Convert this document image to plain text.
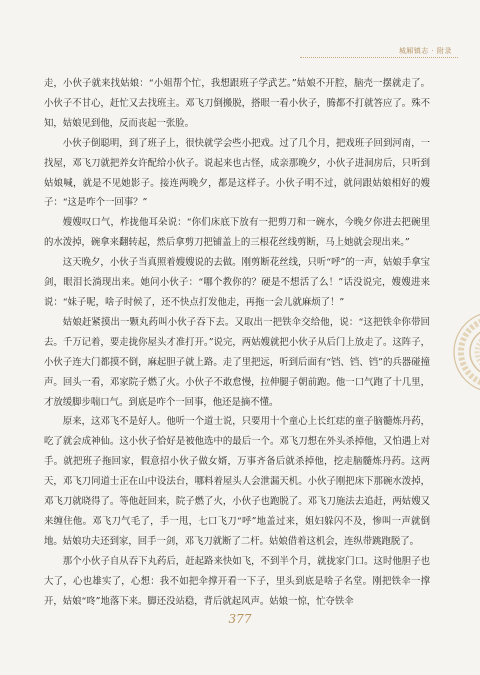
城厢镇志 · 附录

走，小伙子就来找姑娘：“小姐帮个忙，我想跟班子学武艺。”姑娘不开腔，脑壳一摆就走了。小伙子不甘心，赶忙又去找班主。邓飞刀倒搬脱，搭眼一看小伙子，腾都不打就答应了。殊不知，姑娘见到他，反而丧起一张脸。

小伙子倒聪明，到了班子上，很快就学会些小把戏。过了几个月，把戏班子回到河南，一找屋，邓飞刀就把养女许配给小伙子。说起来也古怪，成亲那晚夕，小伙子进洞房后，只听到姑娘喊，就是不见她影子。接连两晚夕，都是这样子。小伙子明不过，就问跟姑娘相好的嫂子：“这是咋个一回事？”

嫂嫂叹口气，柞拢他耳朵说：“你们床底下放有一把剪刀和一碗水，今晚夕你进去把碗里的水泼掉，碗拿来翻转起，然后拿剪刀把铺盖上的三根花丝线剪断，马上她就会现出来。”

这天晚夕，小伙子当真照着嫂嫂说的去做。刚剪断花丝线，只听“呼”的一声，姑娘手拿宝剑，眼泪长淌现出来。她问小伙子：“哪个教你的？硬是不想活了么！”话没说完，嫂嫂进来说：“妹子呢，啥子时候了，还不快点打发他走，再拖一会儿就麻烦了！”

姑娘赶紧摸出一颗丸药叫小伙子吞下去。又取出一把铁伞交给他，说：“这把铁伞你带回去。千万记着，要走拢你屋头才准打开。”说完，两姑嫂就把小伙子从后门上放走了。这阵子，小伙子连大门都摸不倒，麻起胆子就上路。走了里把远，听到后面有“铛、铛、铛”的兵器碰撞声。回头一看，邓家院子燃了火。小伙子不敢怠慢，拉伸腿子朝前跑。他一口气跑了十几里，才放缓脚步喘口气。到底是咋个一回事，他还是摘不懂。

原来，这邓飞不是好人。他听一个道士说，只要用十个童心上长红痣的童子脑髓炼丹药，吃了就会成神仙。这小伙子恰好是被他选中的最后一个。邓飞刀想在外头杀掉他，又怕遇上对手。就把班子拖回家，假意招小伙子做女婿，万事齐备后就杀掉他，挖走脑髓炼丹药。这两天，邓飞刀同道士正在山中设法台，哪料着屋头人会泄漏天机。小伙子刚把床下那碗水泼掉，邓飞刀就晓得了。等他赶回来，院子燃了火，小伙子也跑脱了。邓飞刀施法去追赶，两姑嫂又来缠住他。邓飞刀气毛了，手一甩，七口飞刀“呼”地盖过来，姐妇躲闪不及，惨叫一声就倒地。姑娘功夫还到家，回手一剑，邓飞刀就断了二杆。姑娘借着这机会，连纵带跳跑脱了。

那个小伙子自从吞下丸药后，赶起路来快如飞，不到半个月，就拢家门口。这时他胆子也大了，心也雄实了，心想：我不如把伞撑开看一下子，里头到底是啥子名堂。刚把铁伞一撑开，姑娘“咚”地落下来。脚还没站稳，背后就起风声。姑娘一惊，忙夺铁伞

377
